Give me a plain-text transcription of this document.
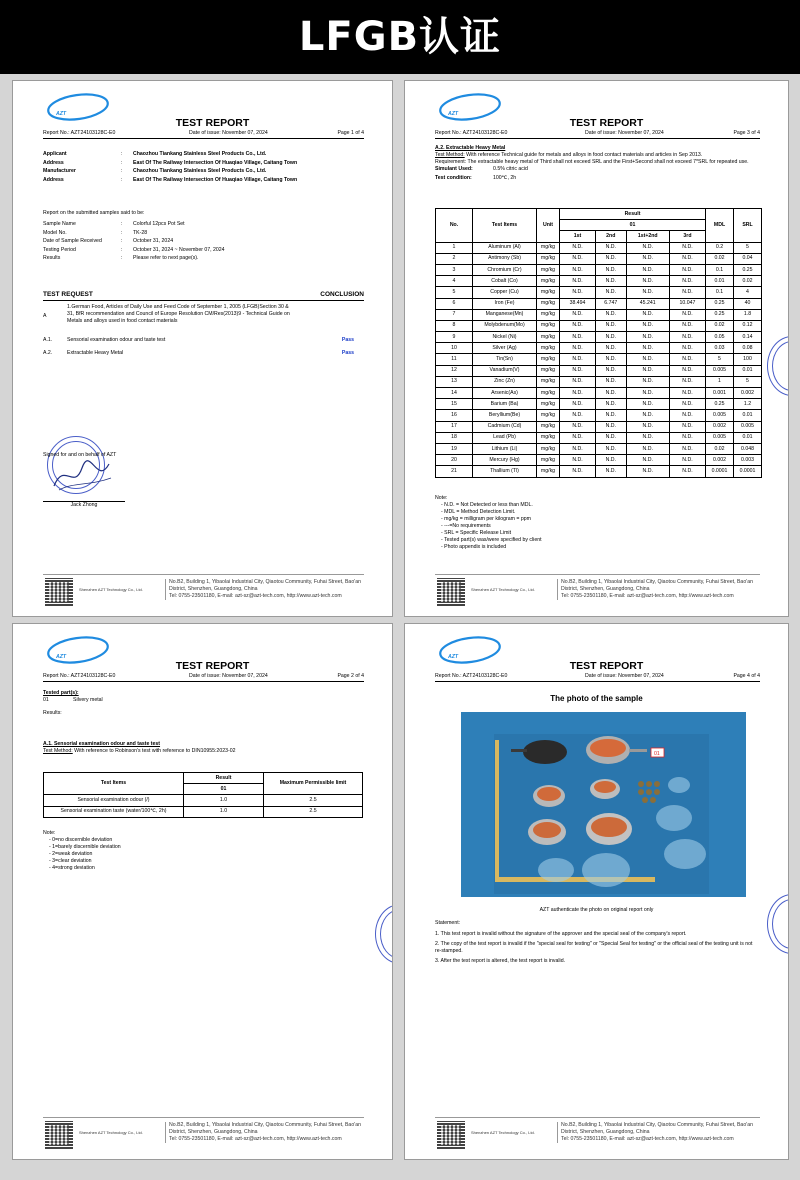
LFGB认证
AZT
TEST REPORT
Report No.: AZT24103128C-E0	Date of issue: November 07, 2024	Page 1 of 4
Applicant	:	Chaozhou Tiankang Stainless Steel Products Co., Ltd.
Address	:	East Of The Railway Intersection Of Huaqiao Village, Caitang Town
Manufacturer	:	Chaozhou Tiankang Stainless Steel Products Co., Ltd.
Address	:	East Of The Railway Intersection Of Huaqiao Village, Caitang Town
Report on the submitted samples said to be:
Sample Name	:	Colorful 12pcs Pot Set
Model No.	:	TK-28
Date of Sample Received	:	October 31, 2024
Testing Period	:	October 31, 2024 ~ November 07, 2024
Results	:	Please refer to next page(s).
TEST REQUEST	CONCLUSION
A
1.German Food, Articles of Daily Use and Feed Code of September 1, 2005 (LFGB)Section 30 & 31, BfR recommendation and Council of Europe Resolution CM/Res(2013)9 - Technical Guide on Metals and alloys used in food contact materials
A.1.	Sensorial examination odour and taste test	Pass
A.2.	Extractable Heavy Metal	Pass
Signed for and on behalf of AZT
Jack Zhong
Shenzhen AZT Technology Co., Ltd.
No.B2, Building 1, Yibaolai Industrial City, Qiaotou Community, Fuhai Street, Bao'an District, Shenzhen, Guangdong, China
Tel: 0755-23501180, E-mail: azt-sz@azt-tech.com, http://www.azt-tech.com
AZT
TEST REPORT
Report No.: AZT24103128C-E0	Date of issue: November 07, 2024	Page 3 of 4
A.2. Extractable Heavy Metal
Test Method: With reference Technical guide for metals and alloys in food contact materials and articles in Sep 2013.
Requirement: The extractable heavy metal of Third shall not exceed SRL and the First+Second shall not exceed 7*SRL for repeated use.
Simulant Used:	0.5% citric acid
Test condition:	100℃, 2h
No.	Test Items	Unit	Result				MDL	SRL
			01					
			1st	2nd	1st+2nd	3rd		
1	Aluminum (Al)	mg/kg	N.D.	N.D.	N.D.	N.D.	0.2	5
2	Antimony (Sb)	mg/kg	N.D.	N.D.	N.D.	N.D.	0.02	0.04
3	Chromium (Cr)	mg/kg	N.D.	N.D.	N.D.	N.D.	0.1	0.25
4	Cobalt (Co)	mg/kg	N.D.	N.D.	N.D.	N.D.	0.01	0.02
5	Copper (Cu)	mg/kg	N.D.	N.D.	N.D.	N.D.	0.1	4
6	Iron (Fe)	mg/kg	38.494	6.747	45.241	10.047	0.25	40
7	Manganese(Mn)	mg/kg	N.D.	N.D.	N.D.	N.D.	0.25	1.8
8	Molybdenum(Mo)	mg/kg	N.D.	N.D.	N.D.	N.D.	0.02	0.12
9	Nickel (Ni)	mg/kg	N.D.	N.D.	N.D.	N.D.	0.05	0.14
10	Silver (Ag)	mg/kg	N.D.	N.D.	N.D.	N.D.	0.03	0.08
11	Tin(Sn)	mg/kg	N.D.	N.D.	N.D.	N.D.	5	100
12	Vanadium(V)	mg/kg	N.D.	N.D.	N.D.	N.D.	0.005	0.01
13	Zinc (Zn)	mg/kg	N.D.	N.D.	N.D.	N.D.	1	5
14	Arsenic(As)	mg/kg	N.D.	N.D.	N.D.	N.D.	0.001	0.002
15	Barium (Ba)	mg/kg	N.D.	N.D.	N.D.	N.D.	0.25	1.2
16	Beryllium(Be)	mg/kg	N.D.	N.D.	N.D.	N.D.	0.005	0.01
17	Cadmium (Cd)	mg/kg	N.D.	N.D.	N.D.	N.D.	0.002	0.005
18	Lead (Pb)	mg/kg	N.D.	N.D.	N.D.	N.D.	0.005	0.01
19	Lithium (Li)	mg/kg	N.D.	N.D.	N.D.	N.D.	0.02	0.048
20	Mercury (Hg)	mg/kg	N.D.	N.D.	N.D.	N.D.	0.002	0.003
21	Thallium (Tl)	mg/kg	N.D.	N.D.	N.D.	N.D.	0.0001	0.0001
Note:
- N.D. = Not Detected or less than MDL.
- MDL = Method Detection Limit.
- mg/kg = milligram per kilogram = ppm
- ---=No requirements
- SRL = Specific Release Limit
- Tested part(s) was/were specified by client
- Photo appendix is included
Shenzhen AZT Technology Co., Ltd.
No.B2, Building 1, Yibaolai Industrial City, Qiaotou Community, Fuhai Street, Bao'an District, Shenzhen, Guangdong, China
Tel: 0755-23501180, E-mail: azt-sz@azt-tech.com, http://www.azt-tech.com
AZT
TEST REPORT
Report No.: AZT24103128C-E0	Date of issue: November 07, 2024	Page 2 of 4
Tested part(s):
01	Silvery metal
Results:
A.1. Sensorial examination odour and taste test
Test Method: With reference to Robinson's test with reference to DIN10955:2023-02
Test Items	Result	Maximum Permissible limit
	01	
Sensorial examination odour (/)	1.0	2.5
Sensorial examination taste (water/100℃, 2h)	1.0	2.5
Note:
- 0=no discernible deviation
- 1=barely discernible deviation
- 2=weak deviation
- 3=clear deviation
- 4=strong deviation
Shenzhen AZT Technology Co., Ltd.
No.B2, Building 1, Yibaolai Industrial City, Qiaotou Community, Fuhai Street, Bao'an District, Shenzhen, Guangdong, China
Tel: 0755-23501180, E-mail: azt-sz@azt-tech.com, http://www.azt-tech.com
AZT
TEST REPORT
Report No.: AZT24103128C-E0	Date of issue: November 07, 2024	Page 4 of 4
The photo of the sample
01
AZT authenticate the photo on original report only
Statement:
1. This test report is invalid without the signature of the approver and the special seal of the company's report.
2. The copy of the test report is invalid if the "special seal for testing" or "Special Seal for testing" or the official seal of the testing unit is not re-stamped.
3. After the test report is altered, the test report is invalid.
Shenzhen AZT Technology Co., Ltd.
No.B2, Building 1, Yibaolai Industrial City, Qiaotou Community, Fuhai Street, Bao'an District, Shenzhen, Guangdong, China
Tel: 0755-23501180, E-mail: azt-sz@azt-tech.com, http://www.azt-tech.com
